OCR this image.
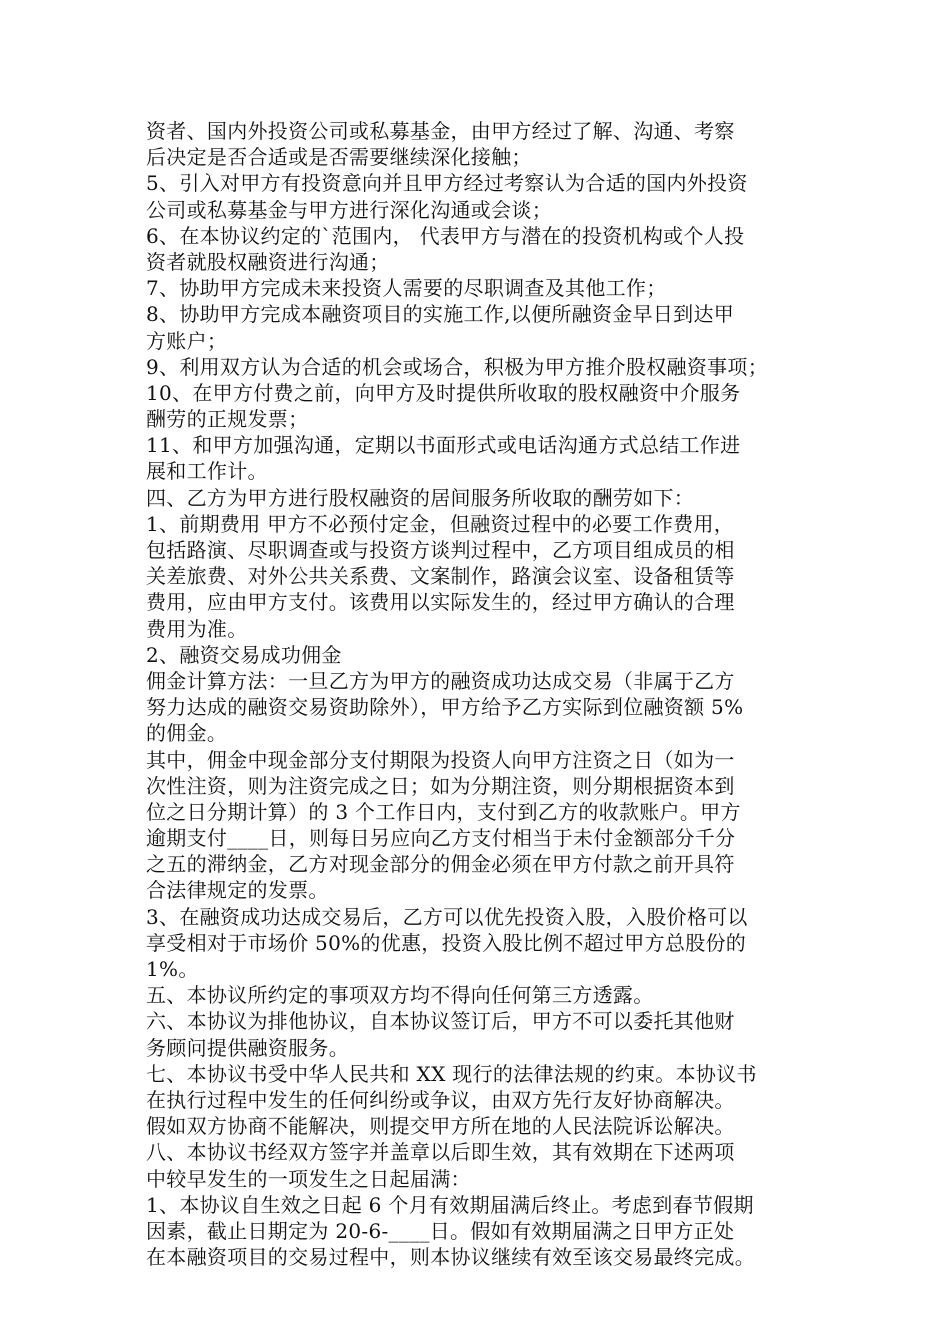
资者、国内外投资公司或私募基金，由甲方经过了解、沟通、考察
后决定是否合适或是否需要继续深化接触；
5、引入对甲方有投资意向并且甲方经过考察认为合适的国内外投资
公司或私募基金与甲方进行深化沟通或会谈；
6、在本协议约定的`范围内， 代表甲方与潜在的投资机构或个人投
资者就股权融资进行沟通；
7、协助甲方完成未来投资人需要的尽职调查及其他工作；
8、协助甲方完成本融资项目的实施工作,以便所融资金早日到达甲
方账户；
9、利用双方认为合适的机会或场合，积极为甲方推介股权融资事项；
10、在甲方付费之前，向甲方及时提供所收取的股权融资中介服务
酬劳的正规发票；
11、和甲方加强沟通，定期以书面形式或电话沟通方式总结工作进
展和工作计。
四、乙方为甲方进行股权融资的居间服务所收取的酬劳如下：
1、前期费用 甲方不必预付定金，但融资过程中的必要工作费用，
包括路演、尽职调查或与投资方谈判过程中，乙方项目组成员的相
关差旅费、对外公共关系费、文案制作，路演会议室、设备租赁等
费用，应由甲方支付。该费用以实际发生的，经过甲方确认的合理
费用为准。
2、融资交易成功佣金
佣金计算方法：一旦乙方为甲方的融资成功达成交易（非属于乙方
努力达成的融资交易资助除外），甲方给予乙方实际到位融资额 5%
的佣金。
其中，佣金中现金部分支付期限为投资人向甲方注资之日（如为一
次性注资，则为注资完成之日；如为分期注资，则分期根据资本到
位之日分期计算）的 3 个工作日内，支付到乙方的收款账户。甲方
逾期支付____日，则每日另应向乙方支付相当于未付金额部分千分
之五的滞纳金，乙方对现金部分的佣金必须在甲方付款之前开具符
合法律规定的发票。
3、在融资成功达成交易后，乙方可以优先投资入股，入股价格可以
享受相对于市场价 50%的优惠，投资入股比例不超过甲方总股份的
1%。
五、本协议所约定的事项双方均不得向任何第三方透露。
六、本协议为排他协议，自本协议签订后，甲方不可以委托其他财
务顾问提供融资服务。
七、本协议书受中华人民共和 XX 现行的法律法规的约束。本协议书
在执行过程中发生的任何纠纷或争议，由双方先行友好协商解决。
假如双方协商不能解决，则提交甲方所在地的人民法院诉讼解决。
八、本协议书经双方签字并盖章以后即生效，其有效期在下述两项
中较早发生的一项发生之日起届满：
1、本协议自生效之日起 6 个月有效期届满后终止。考虑到春节假期
因素，截止日期定为 20-6-____日。假如有效期届满之日甲方正处
在本融资项目的交易过程中，则本协议继续有效至该交易最终完成。
